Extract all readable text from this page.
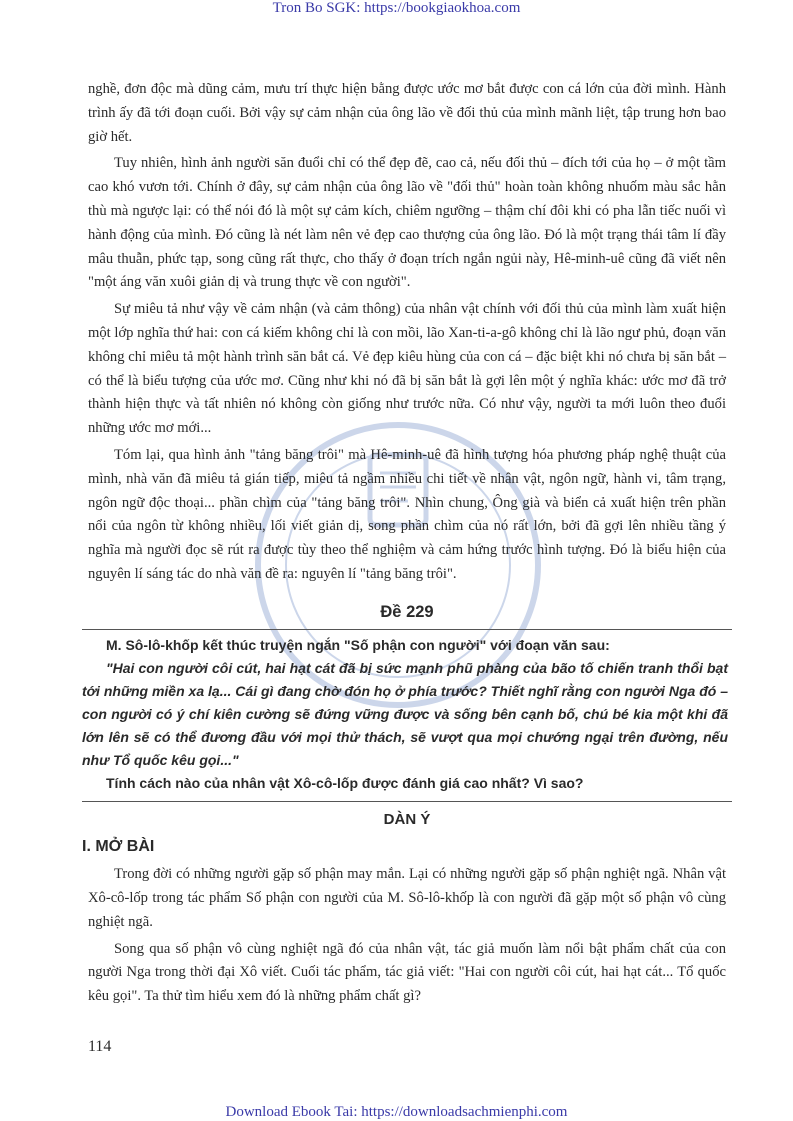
Tron Bo SGK: https://bookgiaokhoa.com

nghề, đơn độc mà dũng cảm, mưu trí thực hiện bằng được ước mơ bắt được con cá lớn của đời mình. Hành trình ấy đã tới đoạn cuối. Bởi vậy sự cảm nhận của ông lão về đối thủ của mình mãnh liệt, tập trung hơn bao giờ hết.

Tuy nhiên, hình ảnh người săn đuổi chỉ có thể đẹp đẽ, cao cả, nếu đối thủ – đích tới của họ – ở một tầm cao khó vươn tới. Chính ở đây, sự cảm nhận của ông lão về "đối thủ" hoàn toàn không nhuốm màu sắc hằn thù mà ngược lại: có thể nói đó là một sự cảm kích, chiêm ngưỡng – thậm chí đôi khi có pha lẫn tiếc nuối vì hành động của mình. Đó cũng là nét làm nên vẻ đẹp cao thượng của ông lão. Đó là một trạng thái tâm lí đầy mâu thuẫn, phức tạp, song cũng rất thực, cho thấy ở đoạn trích ngắn ngủi này, Hê-minh-uê cũng đã viết nên "một áng văn xuôi giản dị và trung thực về con người".

Sự miêu tả như vậy về cảm nhận (và cảm thông) của nhân vật chính với đối thủ của mình làm xuất hiện một lớp nghĩa thứ hai: con cá kiếm không chỉ là con mồi, lão Xan-ti-a-gô không chỉ là lão ngư phủ, đoạn văn không chỉ miêu tả một hành trình săn bắt cá. Vẻ đẹp kiêu hùng của con cá – đặc biệt khi nó chưa bị săn bắt – có thể là biểu tượng của ước mơ. Cũng như khi nó đã bị săn bắt là gợi lên một ý nghĩa khác: ước mơ đã trở thành hiện thực và tất nhiên nó không còn giống như trước nữa. Có như vậy, người ta mới luôn theo đuổi những ước mơ mới...

Tóm lại, qua hình ảnh "tảng băng trôi" mà Hê-minh-uê đã hình tượng hóa phương pháp nghệ thuật của mình, nhà văn đã miêu tả gián tiếp, miêu tả ngầm nhiều chi tiết về nhân vật, ngôn ngữ, hành vi, tâm trạng, ngôn ngữ độc thoại... phần chìm của "tảng băng trôi". Nhìn chung, Ông già và biển cả xuất hiện trên phần nổi của ngôn từ không nhiều, lối viết giản dị, song phần chìm của nó rất lớn, bởi đã gợi lên nhiều tầng ý nghĩa mà người đọc sẽ rút ra được tùy theo thể nghiệm và cảm hứng trước hình tượng. Đó là biểu hiện của nguyên lí sáng tác do nhà văn đề ra: nguyên lí "tảng băng trôi".

Đề 229

M. Sô-lô-khốp kết thúc truyện ngắn "Số phận con người" với đoạn văn sau:

"Hai con người côi cút, hai hạt cát đã bị sức mạnh phũ phàng của bão tố chiến tranh thổi bạt tới những miền xa lạ... Cái gì đang chờ đón họ ở phía trước? Thiết nghĩ rằng con người Nga đó – con người có ý chí kiên cường sẽ đứng vững được và sống bên cạnh bố, chú bé kia một khi đã lớn lên sẽ có thể đương đầu với mọi thử thách, sẽ vượt qua mọi chướng ngại trên đường, nếu như Tổ quốc kêu gọi..."

Tính cách nào của nhân vật Xô-cô-lốp được đánh giá cao nhất? Vì sao?

DÀN Ý
I. MỞ BÀI

Trong đời có những người gặp số phận may mắn. Lại có những người gặp số phận nghiệt ngã. Nhân vật Xô-cô-lốp trong tác phẩm Số phận con người của M. Sô-lô-khốp là con người đã gặp một số phận vô cùng nghiệt ngã.

Song qua số phận vô cùng nghiệt ngã đó của nhân vật, tác giả muốn làm nổi bật phẩm chất của con người Nga trong thời đại Xô viết. Cuối tác phẩm, tác giả viết: "Hai con người côi cút, hai hạt cát... Tổ quốc kêu gọi". Ta thử tìm hiểu xem đó là những phẩm chất gì?

114
Download Ebook Tai: https://downloadsachmienphi.com
